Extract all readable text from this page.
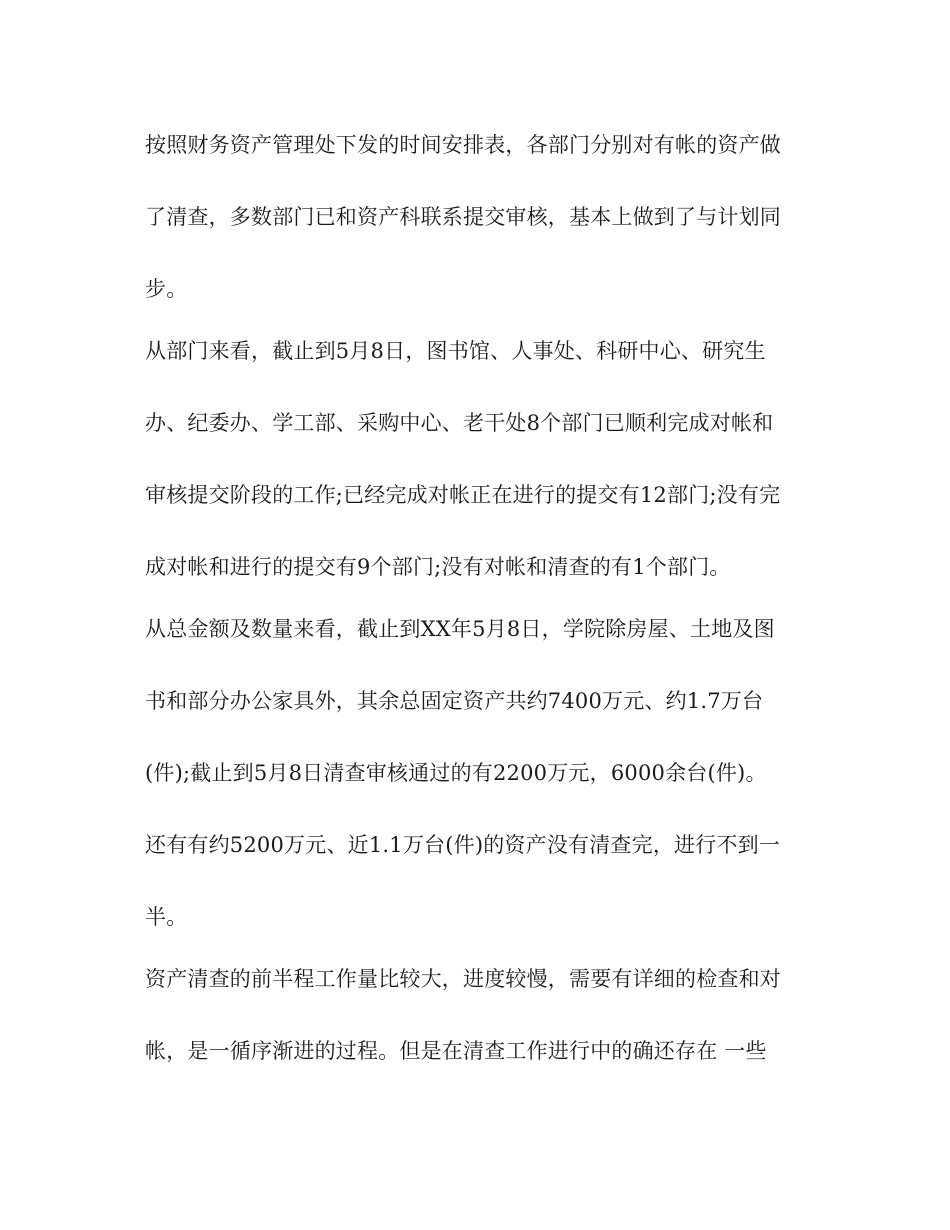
按照财务资产管理处下发的时间安排表，各部门分别对有帐的资产做

了清查，多数部门已和资产科联系提交审核，基本上做到了与计划同

步。

从部门来看，截止到5月8日，图书馆、人事处、科研中心、研究生

办、纪委办、学工部、采购中心、老干处8个部门已顺利完成对帐和

审核提交阶段的工作;已经完成对帐正在进行的提交有12部门;没有完

成对帐和进行的提交有9个部门;没有对帐和清查的有1个部门。

从总金额及数量来看，截止到XX年5月8日，学院除房屋、土地及图

书和部分办公家具外，其余总固定资产共约7400万元、约1.7万台

(件);截止到5月8日清查审核通过的有2200万元，6000余台(件)。

还有有约5200万元、近1.1万台(件)的资产没有清查完，进行不到一

半。

资产清查的前半程工作量比较大，进度较慢，需要有详细的检查和对

帐，是一循序渐进的过程。但是在清查工作进行中的确还存在 一些
